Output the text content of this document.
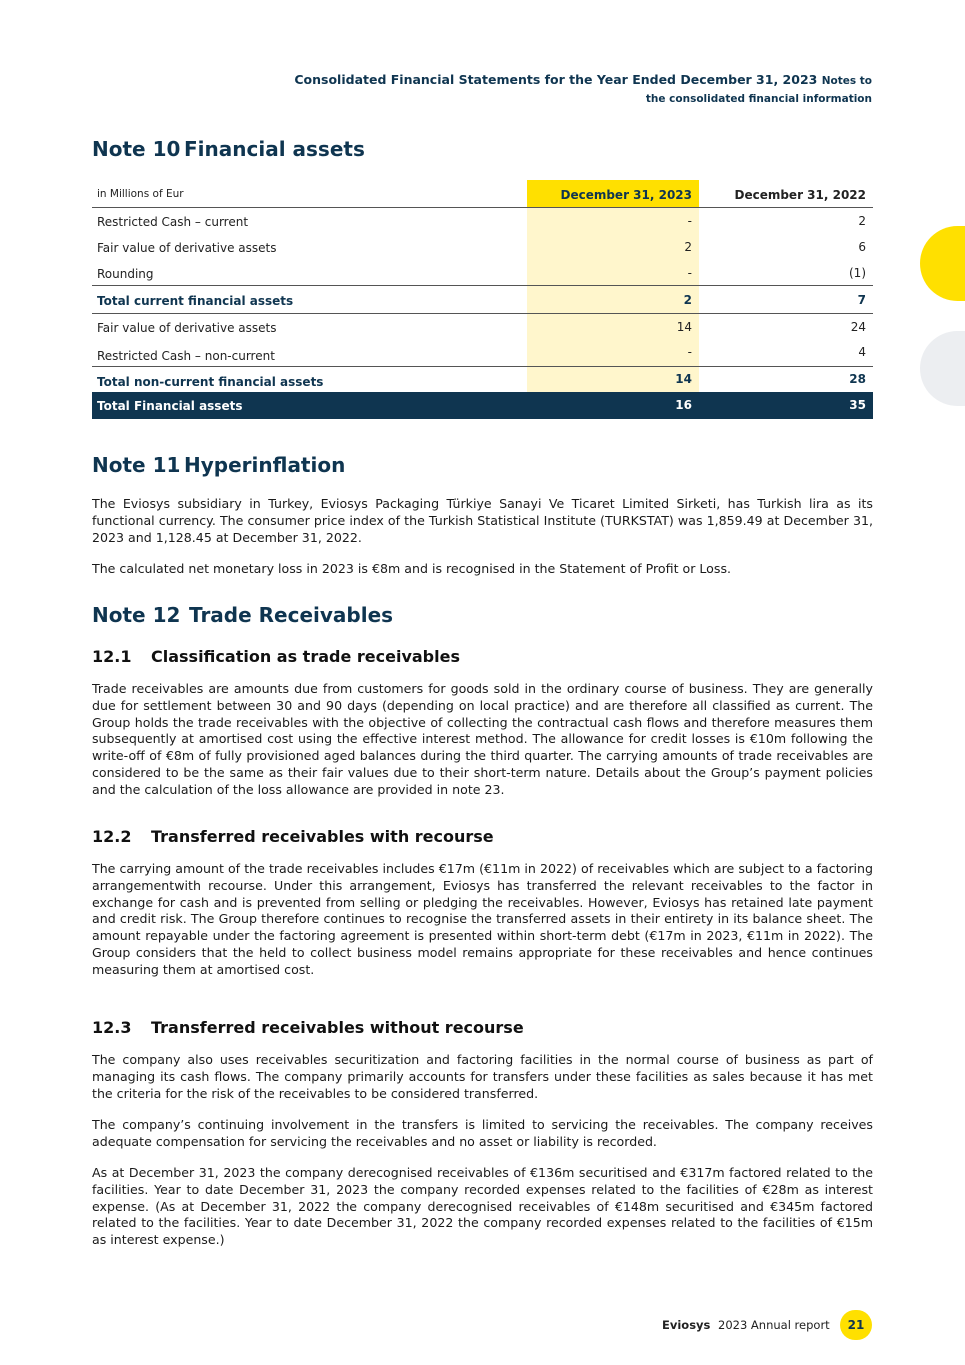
Consolidated Financial Statements for the Year Ended December 31, 2023 Notes to
the consolidated financial information
Note 10 Financial assets
in Millions of Eur	December 31, 2023	December 31, 2022
Restricted Cash – current	-	2
Fair value of derivative assets	2	6
Rounding	-	(1)
Total current financial assets	2	7
Fair value of derivative assets	14	24
Restricted Cash – non-current	-	4
Total non-current financial assets	14	28
Total Financial assets	16	35
Note 11 Hyperinflation

The Eviosys subsidiary in Turkey, Eviosys Packaging Türkiye Sanayi Ve Ticaret Limited Sirketi, has Turkish lira as its functional currency. The consumer price index of the Turkish Statistical Institute (TURKSTAT) was 1,859.49 at December 31, 2023 and 1,128.45 at December 31, 2022.

The calculated net monetary loss in 2023 is €8m and is recognised in the Statement of Profit or Loss.

Note 12 Trade Receivables
12.1 Classification as trade receivables

Trade receivables are amounts due from customers for goods sold in the ordinary course of business. They are generally due for settlement between 30 and 90 days (depending on local practice) and are therefore all classified as current. The Group holds the trade receivables with the objective of collecting the contractual cash flows and therefore measures them subsequently at amortised cost using the effective interest method. The allowance for credit losses is €10m following the write-off of €8m of fully provisioned aged balances during the third quarter. The carrying amounts of trade receivables are considered to be the same as their fair values due to their short-term nature. Details about the Group’s payment policies and the calculation of the loss allowance are provided in note 23.

12.2 Transferred receivables with recourse

The carrying amount of the trade receivables includes €17m (€11m in 2022) of receivables which are subject to a factoring arrangementwith recourse. Under this arrangement, Eviosys has transferred the relevant receivables to the factor in exchange for cash and is prevented from selling or pledging the receivables. However, Eviosys has retained late payment and credit risk. The Group therefore continues to recognise the transferred assets in their entirety in its balance sheet. The amount repayable under the factoring agreement is presented within short-term debt (€17m in 2023, €11m in 2022). The Group considers that the held to collect business model remains appropriate for these receivables and hence continues measuring them at amortised cost.

12.3 Transferred receivables without recourse

The company also uses receivables securitization and factoring facilities in the normal course of business as part of managing its cash flows. The company primarily accounts for transfers under these facilities as sales because it has met the criteria for the risk of the receivables to be considered transferred.

The company’s continuing involvement in the transfers is limited to servicing the receivables. The company receives adequate compensation for servicing the receivables and no asset or liability is recorded.

As at December 31, 2023 the company derecognised receivables of €136m securitised and €317m factored related to the facilities. Year to date December 31, 2023 the company recorded expenses related to the facilities of €28m as interest expense. (As at December 31, 2022 the company derecognised receivables of €148m securitised and €345m factored related to the facilities. Year to date December 31, 2022 the company recorded expenses related to the facilities of €15m as interest expense.)

Eviosys 2023 Annual report	21
